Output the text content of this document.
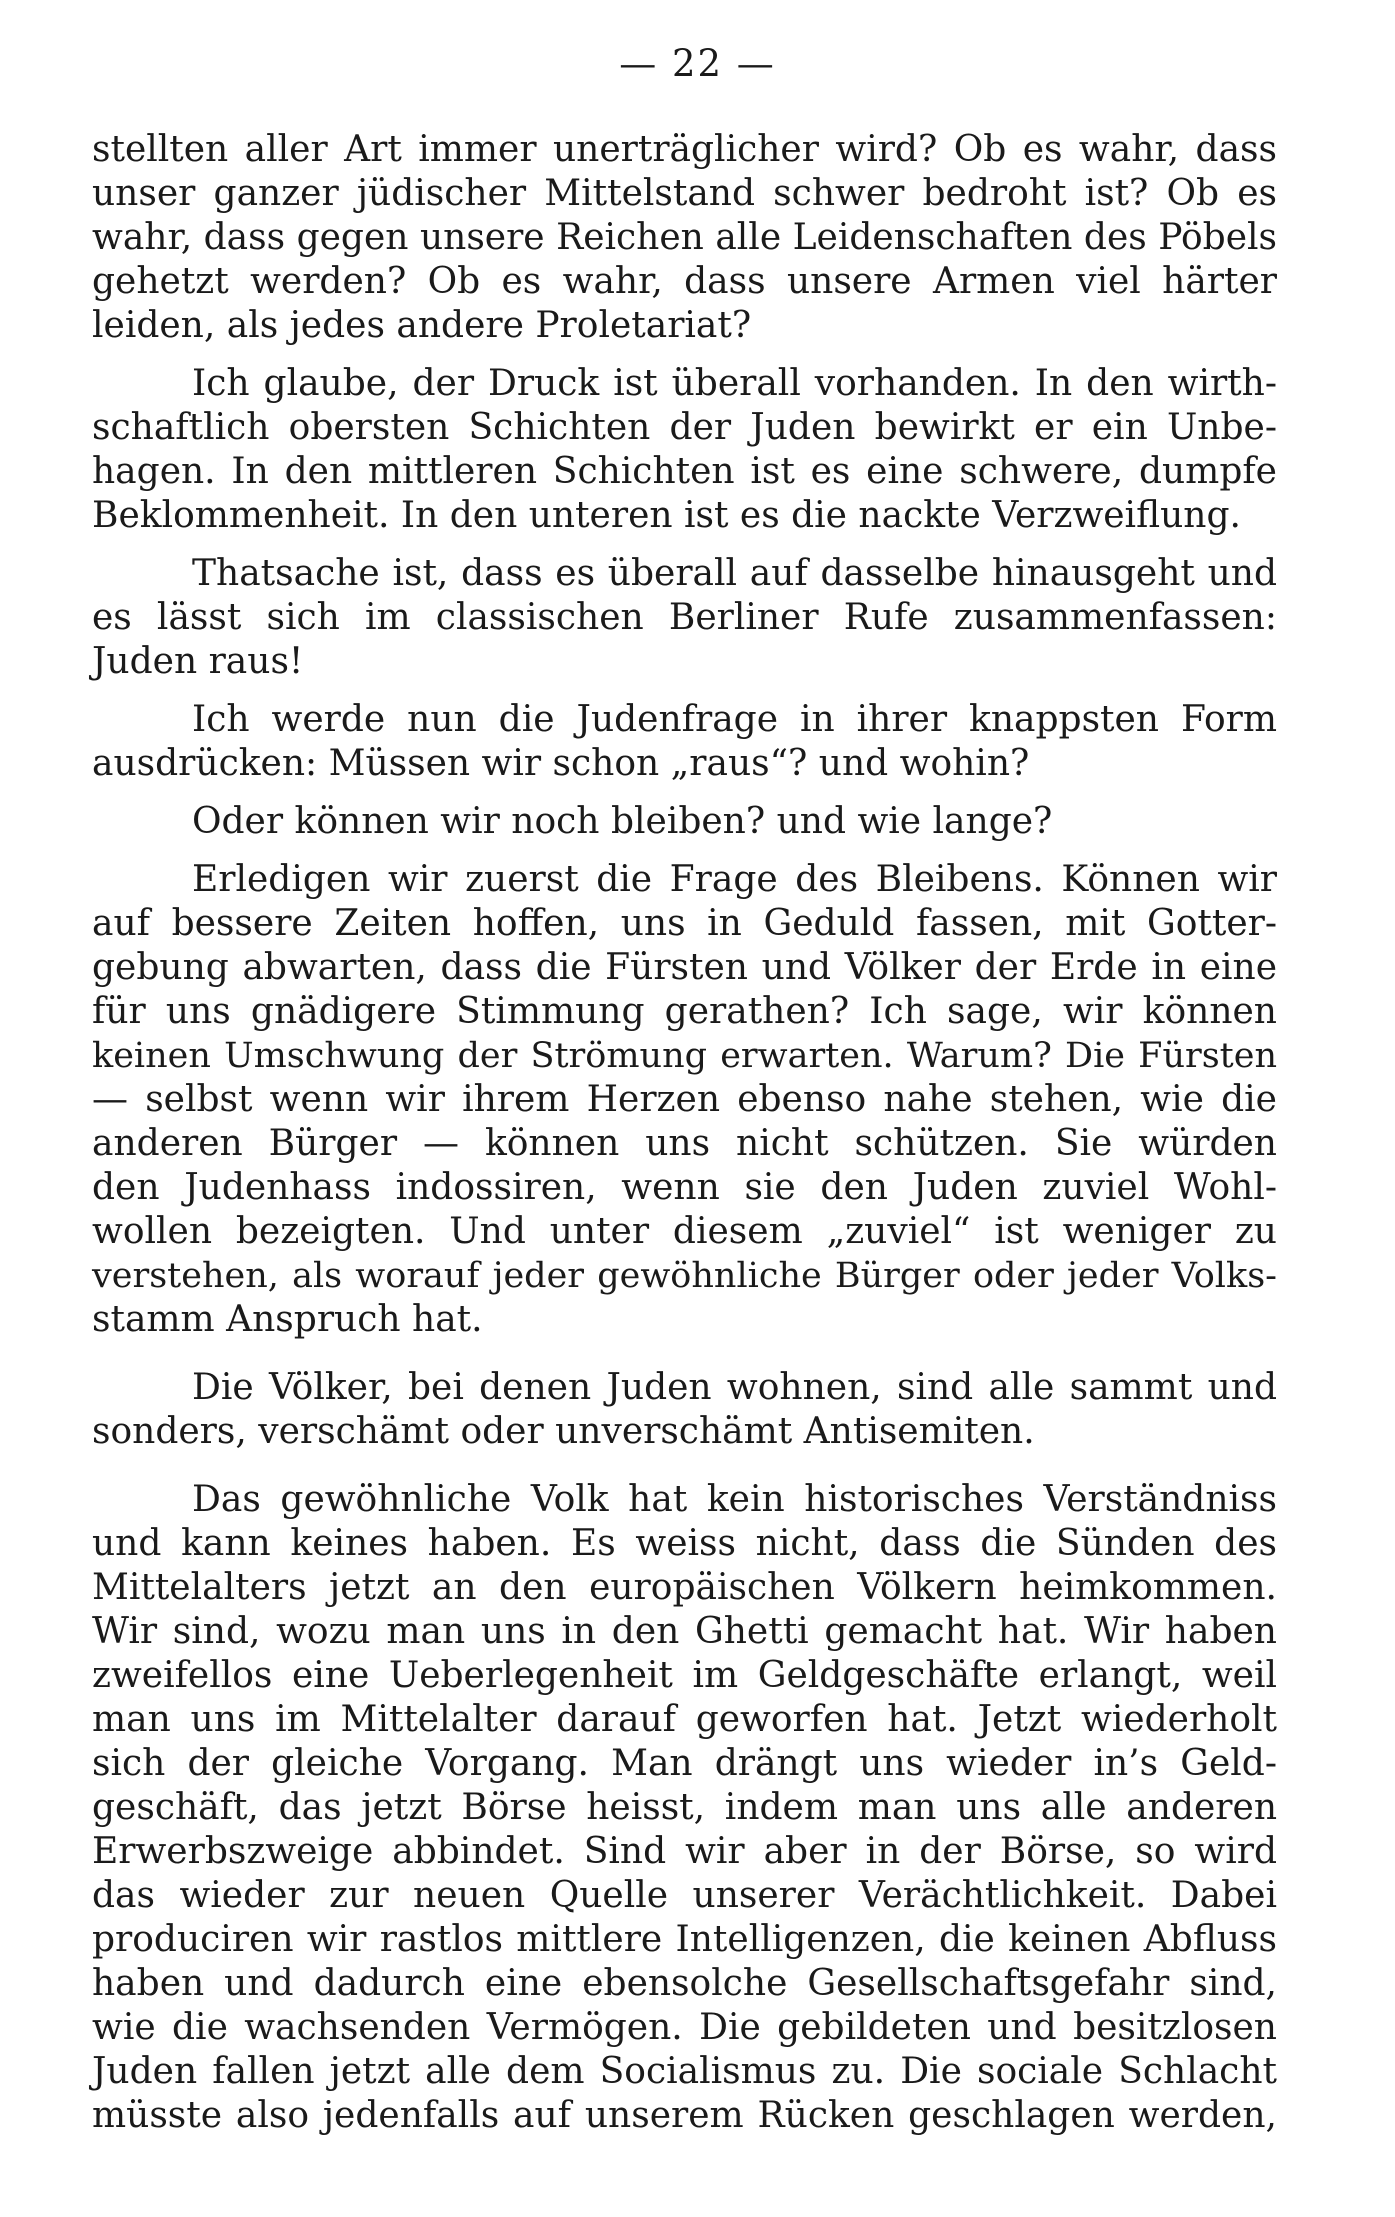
— 22 —
stellten aller Art immer unerträglicher wird? Ob es wahr, dass
unser ganzer jüdischer Mittelstand schwer bedroht ist? Ob es
wahr, dass gegen unsere Reichen alle Leidenschaften des Pöbels
gehetzt werden? Ob es wahr, dass unsere Armen viel härter
leiden, als jedes andere Proletariat?
Ich glaube, der Druck ist überall vorhanden. In den wirth-
schaftlich obersten Schichten der Juden bewirkt er ein Unbe-
hagen. In den mittleren Schichten ist es eine schwere, dumpfe
Beklommenheit. In den unteren ist es die nackte Verzweiflung.
Thatsache ist, dass es überall auf dasselbe hinausgeht und
es lässt sich im classischen Berliner Rufe zusammenfassen:
Juden raus!
Ich werde nun die Judenfrage in ihrer knappsten Form
ausdrücken: Müssen wir schon „raus“? und wohin?
Oder können wir noch bleiben? und wie lange?
Erledigen wir zuerst die Frage des Bleibens. Können wir
auf bessere Zeiten hoffen, uns in Geduld fassen, mit Gotter-
gebung abwarten, dass die Fürsten und Völker der Erde in eine
für uns gnädigere Stimmung gerathen? Ich sage, wir können
keinen Umschwung der Strömung erwarten. Warum? Die Fürsten
— selbst wenn wir ihrem Herzen ebenso nahe stehen, wie die
anderen Bürger — können uns nicht schützen. Sie würden
den Judenhass indossiren, wenn sie den Juden zuviel Wohl-
wollen bezeigten. Und unter diesem „zuviel“ ist weniger zu
verstehen, als worauf jeder gewöhnliche Bürger oder jeder Volks-
stamm Anspruch hat.
Die Völker, bei denen Juden wohnen, sind alle sammt und
sonders, verschämt oder unverschämt Antisemiten.
Das gewöhnliche Volk hat kein historisches Verständniss
und kann keines haben. Es weiss nicht, dass die Sünden des
Mittelalters jetzt an den europäischen Völkern heimkommen.
Wir sind, wozu man uns in den Ghetti gemacht hat. Wir haben
zweifellos eine Ueberlegenheit im Geldgeschäfte erlangt, weil
man uns im Mittelalter darauf geworfen hat. Jetzt wiederholt
sich der gleiche Vorgang. Man drängt uns wieder in’s Geld-
geschäft, das jetzt Börse heisst, indem man uns alle anderen
Erwerbszweige abbindet. Sind wir aber in der Börse, so wird
das wieder zur neuen Quelle unserer Verächtlichkeit. Dabei
produciren wir rastlos mittlere Intelligenzen, die keinen Abfluss
haben und dadurch eine ebensolche Gesellschaftsgefahr sind,
wie die wachsenden Vermögen. Die gebildeten und besitzlosen
Juden fallen jetzt alle dem Socialismus zu. Die sociale Schlacht
müsste also jedenfalls auf unserem Rücken geschlagen werden,
